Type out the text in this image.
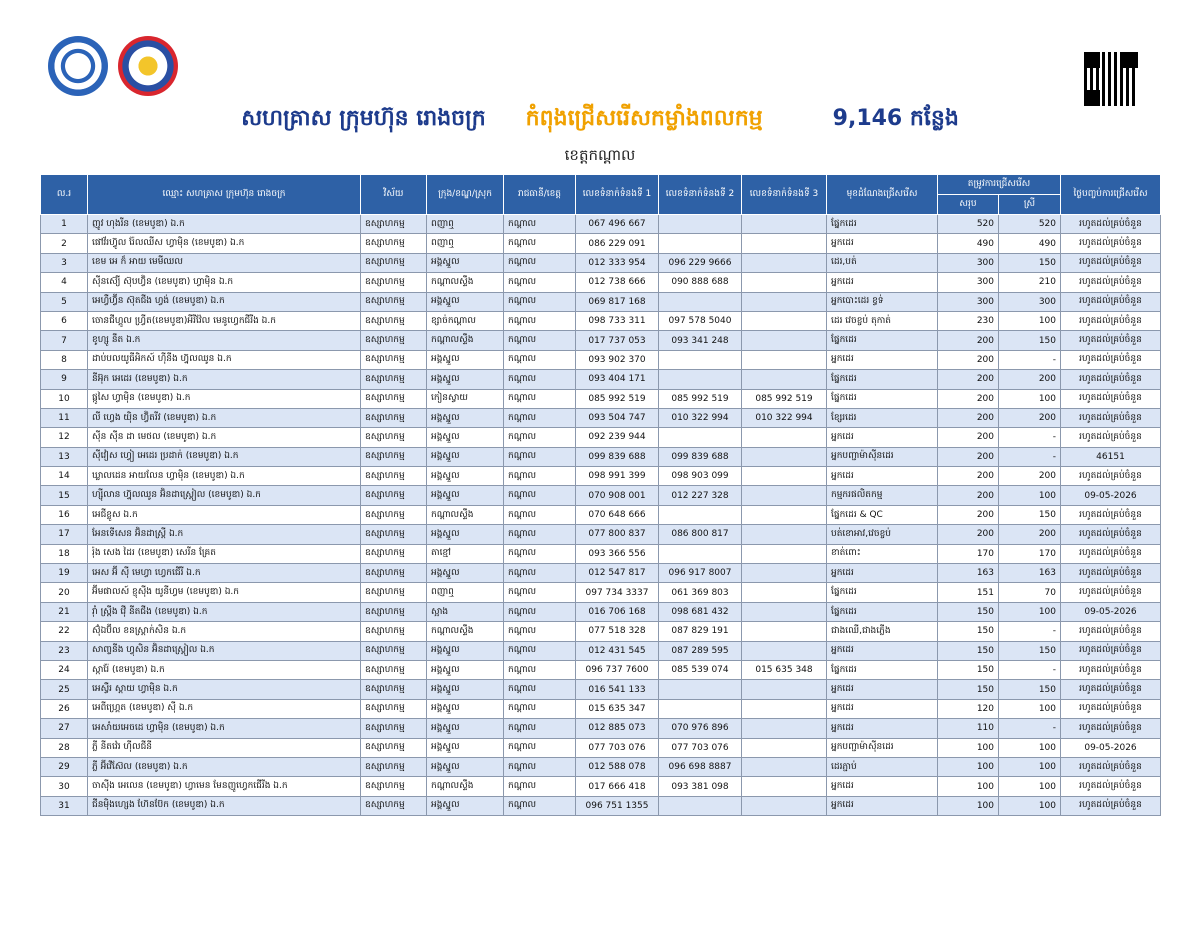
សហគ្រាស ក្រុមហ៊ុន រោងចក្រ កំពុងជ្រើសរើសកម្លាំងពលកម្ម	9,146 កន្លែង
ខេត្តកណ្ដាល
ល.រ	ឈ្មោះ សហគ្រាស ក្រុមហ៊ុន រោងចក្រ	វិស័យ	ក្រុង/ខណ្ឌ/ស្រុក	រាជធានី/ខេត្ត	លេខទំនាក់ទំនងទី 1	លេខទំនាក់ទំនងទី 2	លេខទំនាក់ទំនងទី 3	មុខដំណែងជ្រើសរើស	តម្រូវការជ្រើសរើស		ថ្ងៃបញ្ចប់ការជ្រើសរើស
									សរុប	ស្រី	
1	ញូវ ហុងរីន (ខេមបូឌា) ឯ.ក	ឧស្សាហកម្ម	ពញាឮ	កណ្ដាល	067 496 667			ផ្នែកដេរ	520	520	រហូតដល់គ្រប់ចំនួន
2	ផៅវ័រហ៊្វូល រ៉ែលឈីស ហ្វាម៉ិន (ខេមបូឌា) ឯ.ក	ឧស្សាហកម្ម	ពញាឮ	កណ្ដាល	086 229 091			អ្នកដេរ	490	490	រហូតដល់គ្រប់ចំនួន
3	ខេម អេ ក៏ អាយ មេមីឈល	ឧស្សាហកម្ម	អង្គស្នួល	កណ្ដាល	012 333 954	096 229 9666		ដេរ,បត់	300	150	រហូតដល់គ្រប់ចំនួន
4	ស៊ីនស៊្យើ ស៊ុបហ្វ៊ិន (ខេមបូឌា) ហ្វាម៉ិន ឯ.ក	ឧស្សាហកម្ម	កណ្ដាលស្ទឹង	កណ្ដាល	012 738 666	090 888 688		អ្នកដេរ	300	210	រហូតដល់គ្រប់ចំនួន
5	អេហ្វឺហ្វ៊ីន ស៊ុតជីង ហ្វង់ (ខេមបូឌា) ឯ.ក	ឧស្សាហកម្ម	អង្គស្នួល	កណ្ដាល	069 817 168			អ្នកបោះដេរ ខ្វទ់	300	300	រហូតដល់គ្រប់ចំនួន
6	ចោនជីហ្គូល ហ្វ្រីត(ខេមបូឌា)អីរីវ៉ែល មេនូហ្វេកជីរីង ឯ.ក	ឧស្សាហកម្ម	ខ្សាច់កណ្ដាល	កណ្ដាល	098 733 311	097 578 5040		ដេរ វេចខ្ចប់ តុកាត់	230	100	រហូតដល់គ្រប់ចំនួន
7	ខូហ្សូ នឹត ឯ.ក	ឧស្សាហកម្ម	កណ្ដាលស្ទឹង	កណ្ដាល	017 737 053	093 341 248		ផ្នែកដេរ	200	150	រហូតដល់គ្រប់ចំនួន
8	ដាប់បលយូធីអិកស៍ ហ៊ីនីង ហ្វ៊ុលឈូន ឯ.ក	ឧស្សាហកម្ម	អង្គស្នួល	កណ្ដាល	093 902 370			អ្នកដេរ	200	-	រហូតដល់គ្រប់ចំនួន
9	នីអ៊ុក អេដេរ (ខេមបូឌា) ឯ.ក	ឧស្សាហកម្ម	អង្គស្នួល	កណ្ដាល	093 404 171			ផ្នែកដេរ	200	200	រហូតដល់គ្រប់ចំនួន
10	ផ្កូសៃ ហ្វាម៉ិន (ខេមបូឌា) ឯ.ក	ឧស្សាហកម្ម	កៀនស្វាយ	កណ្ដាល	085 992 519	085 992 519	085 992 519	ផ្នែកដេរ	200	100	រហូតដល់គ្រប់ចំនួន
11	លី ហ្វេង យ៉ិន ហ្វ៊ិតរីវ (ខេមបូឌា) ឯ.ក	ឧស្សាហកម្ម	អង្គស្នួល	កណ្ដាល	093 504 747	010 322 994	010 322 994	ខ្សែរដេរ	200	200	រហូតដល់គ្រប់ចំនួន
12	ស៊ីន ស៊ីន ដា មេថល (ខេមបូឌា) ឯ.ក	ឧស្សាហកម្ម	អង្គស្នួល	កណ្ដាល	092 239 944			អ្នកដេរ	200	-	រហូតដល់គ្រប់ចំនួន
13	ស៊ីវៀស ហ្វៀ អេដេរ ប្រដាក់ (ខេមបូឌា) ឯ.ក	ឧស្សាហកម្ម	អង្គស្នួល	កណ្ដាល	099 839 688	099 839 688		អ្នកបញ្ជាម៉ាស៊ីនដេរ	200	-	46151
14	ឃ្លាលដេន អាយលែន ហ្វាម៉ិន (ខេមបូឌា) ឯ.ក	ឧស្សាហកម្ម	អង្គស្នួល	កណ្ដាល	098 991 399	098 903 099		អ្នកដេរ	200	200	រហូតដល់គ្រប់ចំនួន
15	ហ្ស៊ីលាន ហ្វ៊ុលឈូន អ៊ិនដាស្ត្រៀល (ខេមបូឌា) ឯ.ក	ឧស្សាហកម្ម	អង្គស្នួល	កណ្ដាល	070 908 001	012 227 328		កម្មករផលិតកម្ម	200	100	09-05-2026
16	អេជីខ្លូស ឯ.ក	ឧស្សាហកម្ម	កណ្ដាលស្ទឹង	កណ្ដាល	070 648 666			ផ្នែកដេរ & QC	200	150	រហូតដល់គ្រប់ចំនួន
17	អែនទើសេន អ៊ិនដាស្ត្រី ឯ.ក	ឧស្សាហកម្ម	អង្គស្នួល	កណ្ដាល	077 800 837	086 800 817		បត់ខោអាវ,វេចខ្ចប់	200	200	រហូតដល់គ្រប់ចំនួន
18	រ៉ុង សេង ដៃរ (ខេមបូឌា) សេរីន គ្រែត	ឧស្សាហកម្ម	តាខ្មៅ	កណ្ដាល	093 366 556			ខាត់ពោះ	170	170	រហូតដល់គ្រប់ចំនួន
19	អេស អ៊ី ស៊ី មេហ្វា ហ្វេកជើរី ឯ.ក	ឧស្សាហកម្ម	អង្គស្នួល	កណ្ដាល	012 547 817	096 917 8007		អ្នកដេរ	163	163	រហូតដល់គ្រប់ចំនួន
20	អ៊ីមផាលស៍ ខ្ញុស៊ីង យូនីហ្វម (ខេមបូឌា) ឯ.ក	ឧស្សាហកម្ម	ពញាឮ	កណ្ដាល	097 734 3337	061 369 803		ផ្នែកដេរ	151	70	រហូតដល់គ្រប់ចំនួន
21	រ៉ាំ ស្ព្រីង វ៉ើ នីតជីង (ខេមបូឌា) ឯ.ក	ឧស្សាហកម្ម	ស្អាង	កណ្ដាល	016 706 168	098 681 432		ផ្នែកដេរ	150	100	09-05-2026
22	ស៊ុំឯប៊ីល ខនស្ត្រាក់សិន ឯ.ក	ឧស្សាហកម្ម	កណ្ដាលស្ទឹង	កណ្ដាល	077 518 328	087 829 191		ជាងឈើ,ជាងភ្លើង	150	-	រហូតដល់គ្រប់ចំនួន
23	សាញ្ចនីង ហ្វុសិន អ៊ិនដាស្ត្រៀល ឯ.ក	ឧស្សាហកម្ម	អង្គស្នួល	កណ្ដាល	012 431 545	087 289 595		អ្នកដេរ	150	150	រហូតដល់គ្រប់ចំនួន
24	ស្ការ៉ែ (ខេមបូឌា) ឯ.ក	ឧស្សាហកម្ម	អង្គស្នួល	កណ្ដាល	096 737 7600	085 539 074	015 635 348	ផ្នែកដេរ	150	-	រហូតដល់គ្រប់ចំនួន
25	អេស្វឺរ ស្តាយ ហ្វាម៉ិន ឯ.ក	ឧស្សាហកម្ម	អង្គស្នួល	កណ្ដាល	016 541 133			អ្នកដេរ	150	150	រហូតដល់គ្រប់ចំនួន
26	អេពីហ្គ្រេត (ខេមបូឌា) ស៊ី ឯ.ក	ឧស្សាហកម្ម	អង្គស្នួល	កណ្ដាល	015 635 347			អ្នកដេរ	120	100	រហូតដល់គ្រប់ចំនួន
27	អេសាំយអេចដេ ហ្វាម៉ិន (ខេមបូឌា) ឯ.ក	ឧស្សាហកម្ម	អង្គស្នួល	កណ្ដាល	012 885 073	070 976 896		អ្នកដេរ	110	-	រហូតដល់គ្រប់ចំនួន
28	ភ្លី នីតវ៉េរ ហ៊ីលជីនី	ឧស្សាហកម្ម	អង្គស្នួល	កណ្ដាល	077 703 076	077 703 076		អ្នកបញ្ជាម៉ាស៊ីនដេរ	100	100	09-05-2026
29	ភ្លី អ៊ីវើស៊ែល (ខេមបូឌា) ឯ.ក	ឧស្សាហកម្ម	អង្គស្នួល	កណ្ដាល	012 588 078	096 698 8887		ដេរភ្ជាប់	100	100	រហូតដល់គ្រប់ចំនួន
30	ចាស៊ីង អេលេន (ខេមបូឌា) ហ្វាមេន មែនញូហ្វេកជើរីង ឯ.ក	ឧស្សាហកម្ម	កណ្ដាលស្ទឹង	កណ្ដាល	017 666 418	093 381 098		អ្នកដេរ	100	100	រហូតដល់គ្រប់ចំនួន
31	ជីនម៉ិងហ្សេង ហ៊ែនប៊ែក (ខេមបូឌា) ឯ.ក	ឧស្សាហកម្ម	អង្គស្នួល	កណ្ដាល	096 751 1355			អ្នកដេរ	100	100	រហូតដល់គ្រប់ចំនួន
